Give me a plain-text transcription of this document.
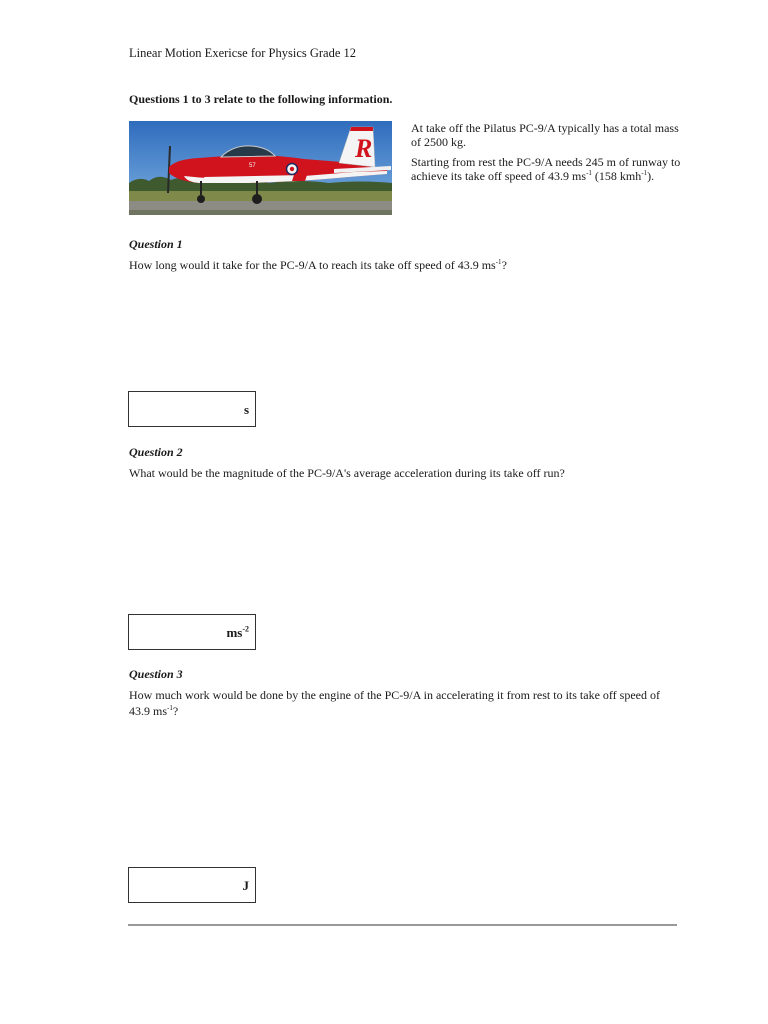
Linear Motion Exericse for Physics Grade 12
Questions 1 to 3 relate to the following information.
R
57

At take off the Pilatus PC-9/A typically has a total mass of 2500 kg.

Starting from rest the PC-9/A needs 245 m of runway to achieve its take off speed of 43.9 $ms^{-1}$ (158 kmh$^{-1}$).

Question 1
How long would it take for the PC-9/A to reach its take off speed of 43.9 $ms^{-1}$?
s
Question 2
What would be the magnitude of the PC-9/A's average acceleration during its take off run?
$ms^{-2}$
Question 3
How much work would be done by the engine of the PC-9/A in accelerating it from rest to its take off speed of 43.9 $ms^{-1}$?
J
